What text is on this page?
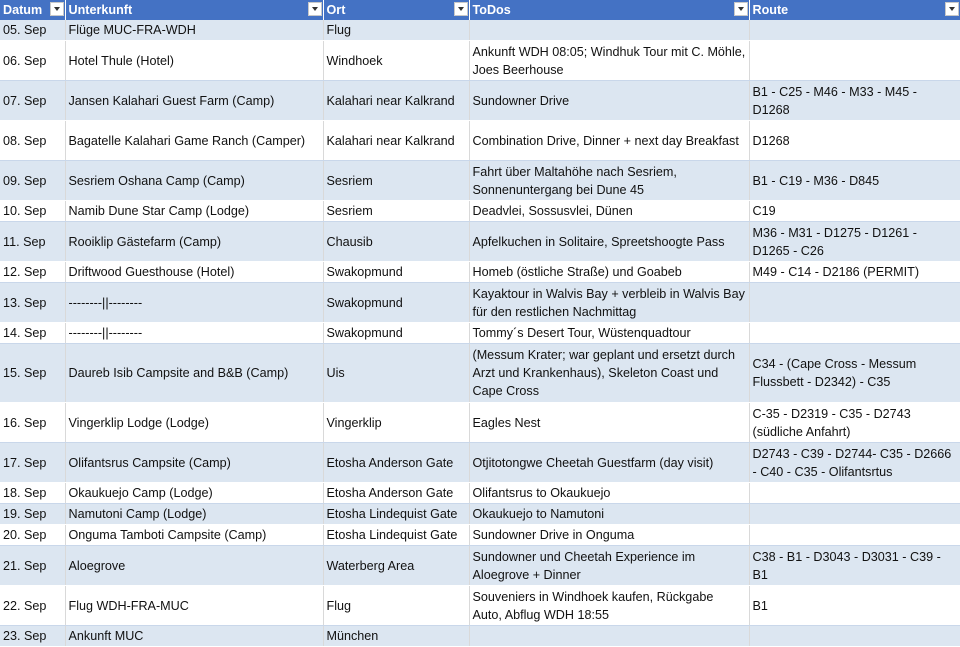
Datum	Unterkunft	Ort	ToDos	Route

05. Sep	Flüge MUC-FRA-WDH	Flug		
06. Sep	Hotel Thule (Hotel)	Windhoek	Ankunft WDH 08:05; Windhuk Tour mit C. Möhle, Joes Beerhouse	
07. Sep	Jansen Kalahari Guest Farm (Camp)	Kalahari near Kalkrand	Sundowner Drive	B1 - C25 - M46 - M33 - M45 - D1268
08. Sep	Bagatelle Kalahari Game Ranch (Camper)	Kalahari near Kalkrand	Combination Drive, Dinner + next day Breakfast	D1268
09. Sep	Sesriem Oshana Camp (Camp)	Sesriem	Fahrt über Maltahöhe nach Sesriem, Sonnenuntergang bei Dune 45	B1 - C19 - M36 - D845
10. Sep	Namib Dune Star Camp (Lodge)	Sesriem	Deadvlei, Sossusvlei, Dünen	C19
11. Sep	Rooiklip Gästefarm (Camp)	Chausib	Apfelkuchen in Solitaire, Spreetshoogte Pass	M36 - M31 - D1275 - D1261 - D1265 - C26
12. Sep	Driftwood Guesthouse (Hotel)	Swakopmund	Homeb (östliche Straße) und Goabeb	M49 - C14 - D2186 (PERMIT)
13. Sep	--------||--------	Swakopmund	Kayaktour in Walvis Bay + verbleib in Walvis Bay für den restlichen Nachmittag	
14. Sep	--------||--------	Swakopmund	Tommy´s Desert Tour, Wüstenquadtour	
15. Sep	Daureb Isib Campsite and B&B (Camp)	Uis	(Messum Krater; war geplant und ersetzt durch Arzt und Krankenhaus), Skeleton Coast und Cape Cross	C34 - (Cape Cross - Messum Flussbett - D2342) - C35
16. Sep	Vingerklip Lodge (Lodge)	Vingerklip	Eagles Nest	C-35 - D2319 - C35 - D2743 (südliche Anfahrt)
17. Sep	Olifantsrus Campsite (Camp)	Etosha Anderson Gate	Otjitotongwe Cheetah Guestfarm (day visit)	D2743 - C39 - D2744- C35 - D2666 - C40 - C35 - Olifantsrtus
18. Sep	Okaukuejo Camp (Lodge)	Etosha Anderson Gate	Olifantsrus to Okaukuejo	
19. Sep	Namutoni Camp (Lodge)	Etosha Lindequist Gate	Okaukuejo to Namutoni	
20. Sep	Onguma Tamboti Campsite (Camp)	Etosha Lindequist Gate	Sundowner Drive in Onguma	
21. Sep	Aloegrove	Waterberg Area	Sundowner und Cheetah Experience im Aloegrove + Dinner	C38 - B1 - D3043 - D3031 - C39 - B1
22. Sep	Flug WDH-FRA-MUC	Flug	Souveniers in Windhoek kaufen, Rückgabe Auto, Abflug WDH 18:55	B1
23. Sep	Ankunft MUC	München		
